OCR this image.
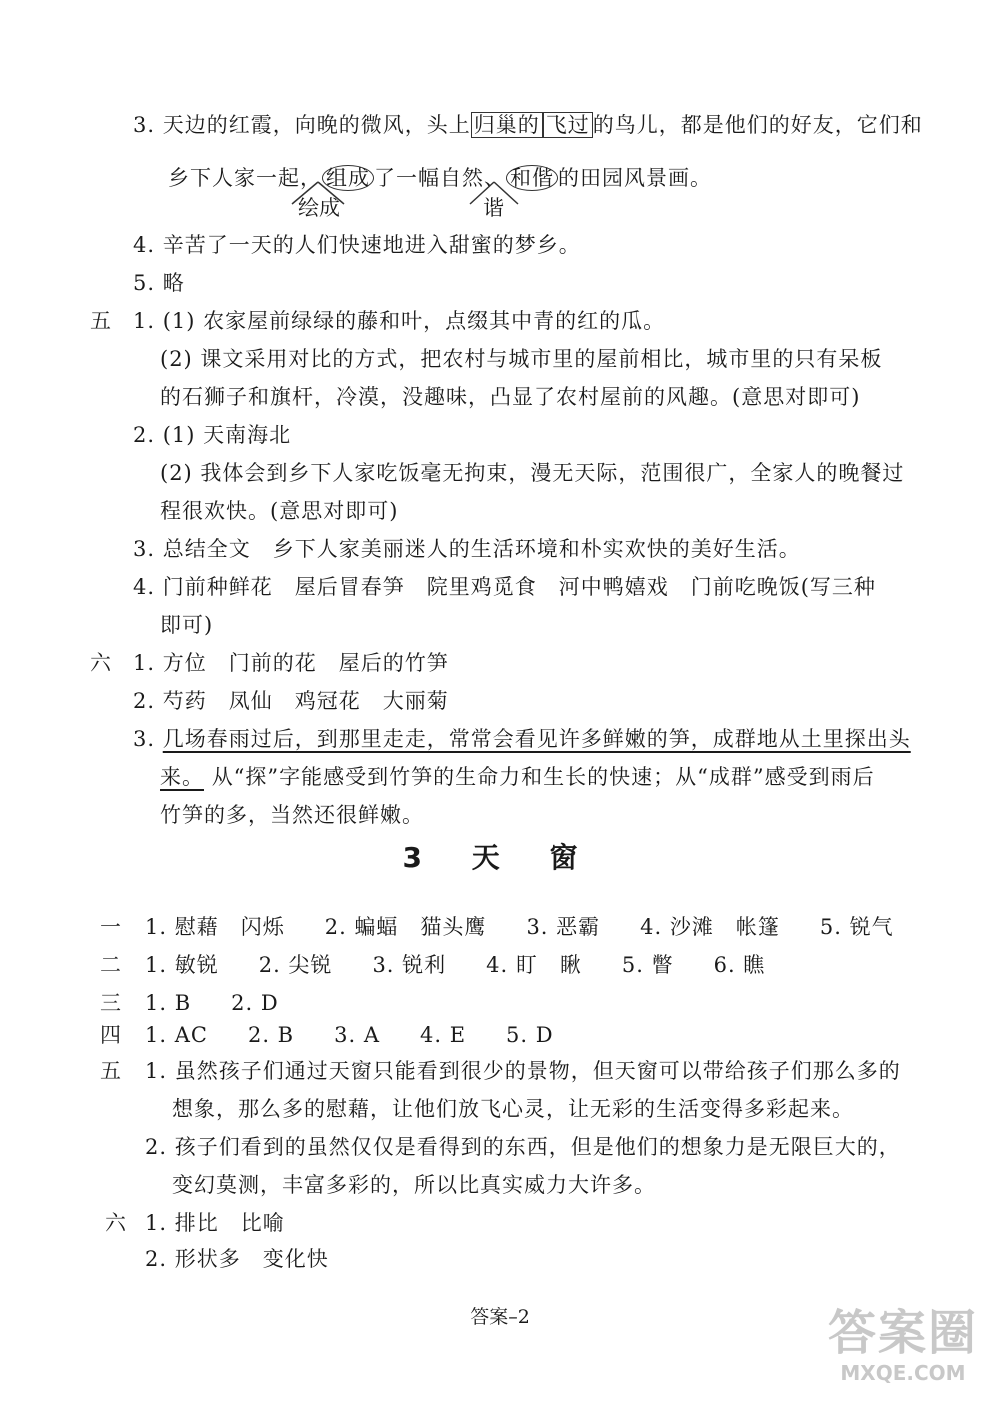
3. 天边的红霞，向晚的微风，头上 归巢的 飞过 的鸟儿，都是他们的好友，它们和
乡下人家一起， 组成 了一幅自然、 和偕 的田园风景画。
绘成	谐
4. 辛苦了一天的人们快速地进入甜蜜的梦乡。
5. 略
五 1. (1) 农家屋前绿绿的藤和叶，点缀其中青的红的瓜。
(2) 课文采用对比的方式，把农村与城市里的屋前相比，城市里的只有呆板
的石狮子和旗杆，冷漠，没趣味，凸显了农村屋前的风趣。(意思对即可)
2. (1) 天南海北
(2) 我体会到乡下人家吃饭毫无拘束，漫无天际，范围很广，全家人的晚餐过
程很欢快。(意思对即可)
3. 总结全文　乡下人家美丽迷人的生活环境和朴实欢快的美好生活。
4. 门前种鲜花　屋后冒春笋　院里鸡觅食　河中鸭嬉戏　门前吃晚饭(写三种
即可)
六 1. 方位　门前的花　屋后的竹笋
2. 芍药　凤仙　鸡冠花　大丽菊
3. 几场春雨过后，到那里走走，常常会看见许多鲜嫩的笋，成群地从土里探出头
来。 从“探”字能感受到竹笋的生命力和生长的快速；从“成群”感受到雨后
竹笋的多，当然还很鲜嫩。
3 天 窗
一 1. 慰藉　闪烁 2. 蝙蝠　猫头鹰 3. 恶霸 4. 沙滩　帐篷 5. 锐气
二 1. 敏锐 2. 尖锐 3. 锐利 4. 盯　瞅 5. 瞥 6. 瞧
三 1. B 2. D
四 1. AC 2. B 3. A 4. E 5. D
五 1. 虽然孩子们通过天窗只能看到很少的景物，但天窗可以带给孩子们那么多的
想象，那么多的慰藉，让他们放飞心灵，让无彩的生活变得多彩起来。
2. 孩子们看到的虽然仅仅是看得到的东西，但是他们的想象力是无限巨大的，
变幻莫测，丰富多彩的，所以比真实威力大许多。
六 1. 排比　比喻
2. 形状多　变化快
答案–2	答案圈
MXQE.COM
